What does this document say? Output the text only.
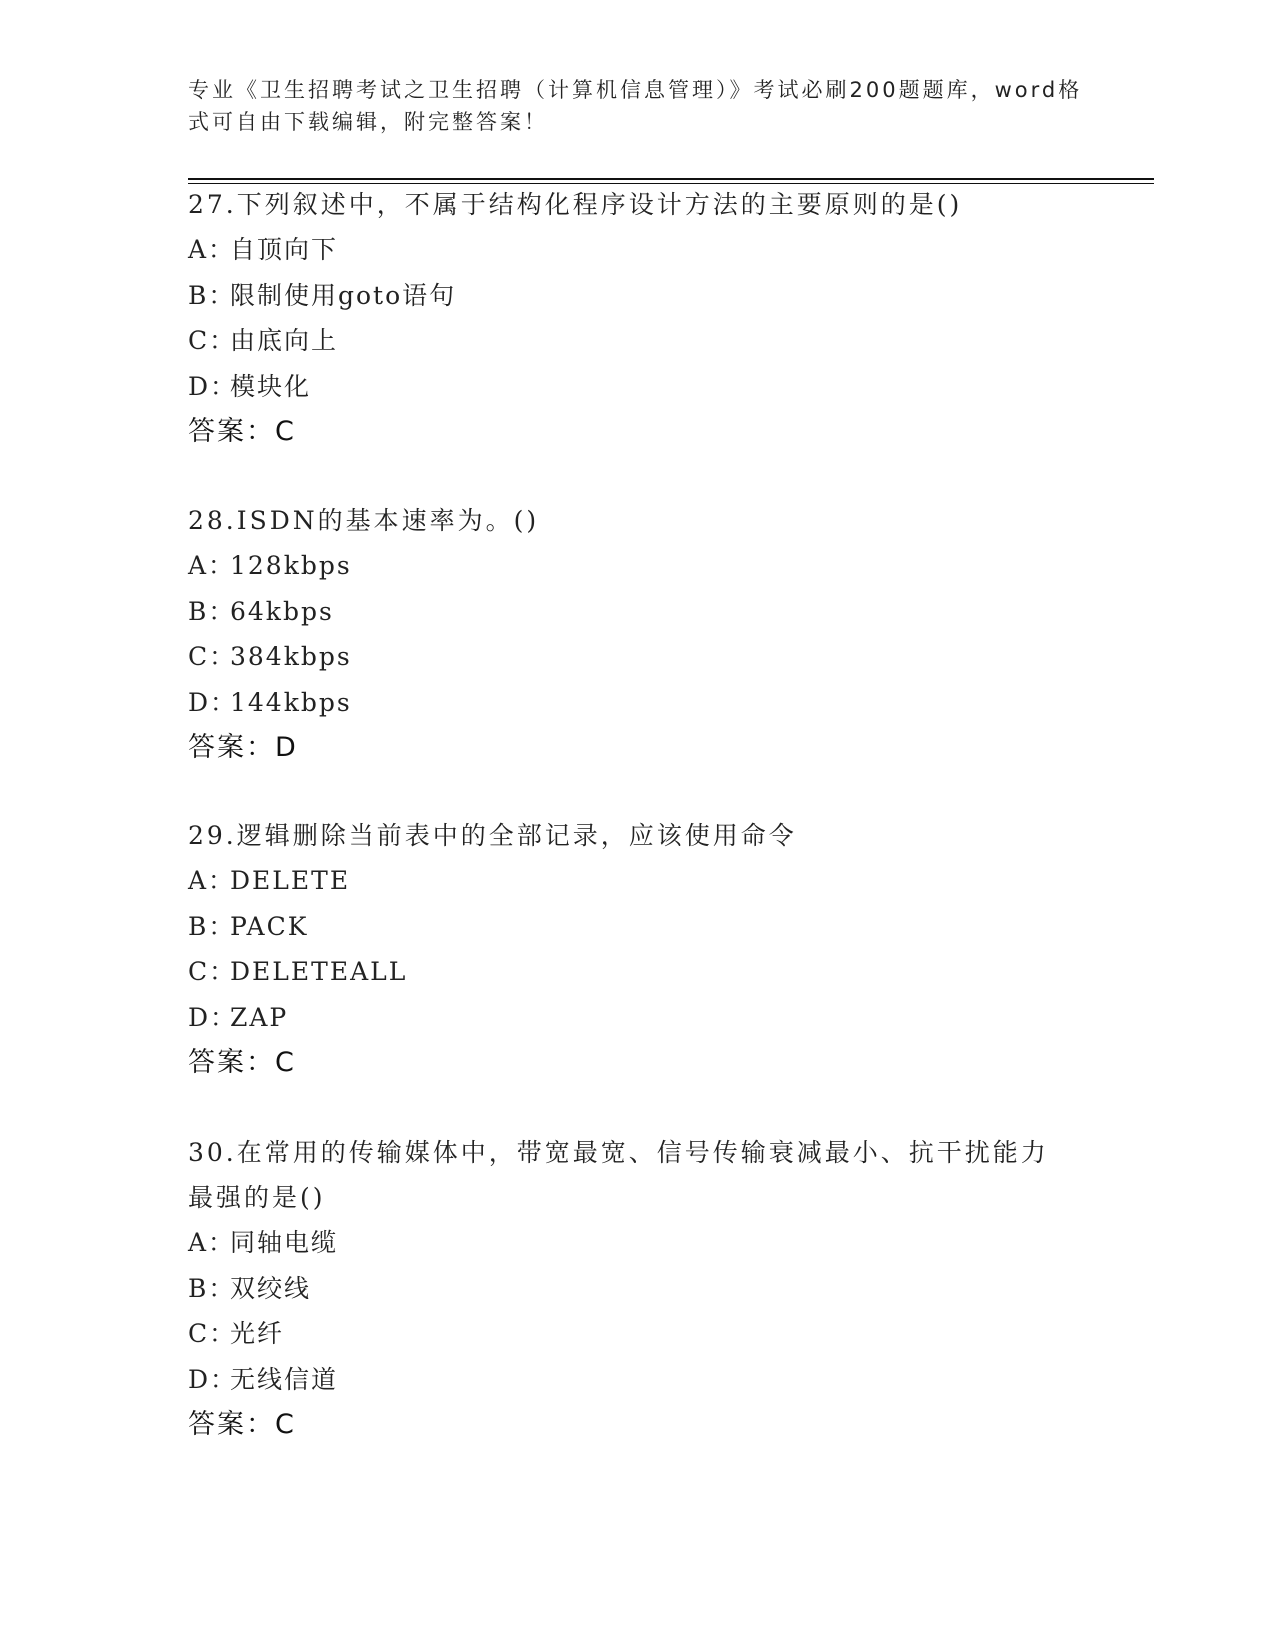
专业《卫生招聘考试之卫生招聘（计算机信息管理）》考试必刷200题题库，word格式可自由下载编辑，附完整答案！
27.下列叙述中，不属于结构化程序设计方法的主要原则的是()
A：自顶向下
B：限制使用goto语句
C：由底向上
D：模块化
答案：C
28.ISDN的基本速率为。()
A：128kbps
B：64kbps
C：384kbps
D：144kbps
答案：D
29.逻辑删除当前表中的全部记录，应该使用命令
A：DELETE
B：PACK
C：DELETEALL
D：ZAP
答案：C
30.在常用的传输媒体中，带宽最宽、信号传输衰减最小、抗干扰能力最强的是()
A：同轴电缆
B：双绞线
C：光纤
D：无线信道
答案：C
